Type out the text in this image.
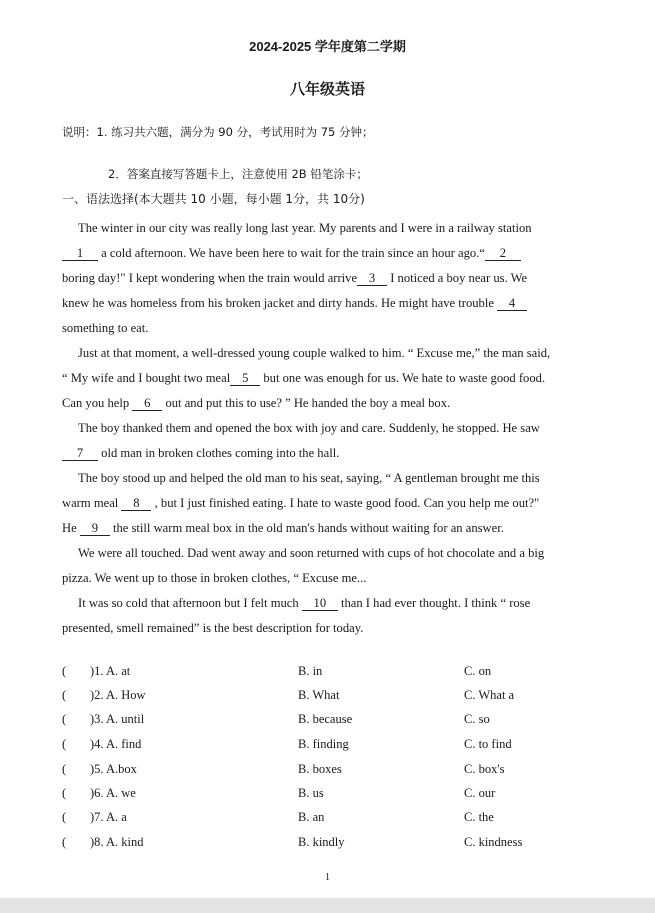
2024-2025 学年度第二学期
八年级英语
说明：1. 练习共六题，满分为 90 分，考试用时为 75 分钟；
2．答案直接写答题卡上，注意使用 2B 铅笔涂卡；
一、语法选择(本大题共 10 小题，每小题 1分，共 10分)
The winter in our city was really long last year. My parents and I were in a railway station
1 a cold afternoon. We have been here to wait for the train since an hour ago.“ 2
boring day!" I kept wondering when the train would arrive 3 I noticed a boy near us. We
knew he was homeless from his broken jacket and dirty hands. He might have trouble 4
something to eat.
Just at that moment, a well-dressed young couple walked to him. “ Excuse me,” the man said,
“ My wife and I bought two meal 5 but one was enough for us. We hate to waste good food.
Can you help 6 out and put this to use? ” He handed the boy a meal box.
The boy thanked them and opened the box with joy and care. Suddenly, he stopped. He saw
7 old man in broken clothes coming into the hall.
The boy stood up and helped the old man to his seat, saying, “ A gentleman brought me this
warm meal 8 , but I just finished eating. I hate to waste good food. Can you help me out?"
He 9 the still warm meal box in the old man's hands without waiting for an answer.
We were all touched. Dad went away and soon returned with cups of hot chocolate and a big
pizza. We went up to those in broken clothes, “ Excuse me...
It was so cold that afternoon but I felt much 10 than I had ever thought. I think “ rose
presented, smell remained” is the best description for today.
( )1. A. at	B. in	C. on
( )2. A. How	B. What	C. What a
( )3. A. until	B. because	C. so
( )4. A. find	B. finding	C. to find
( )5. A.box	B. boxes	C. box's
( )6. A. we	B. us	C. our
( )7. A. a	B. an	C. the
( )8. A. kind	B. kindly	C. kindness
1
